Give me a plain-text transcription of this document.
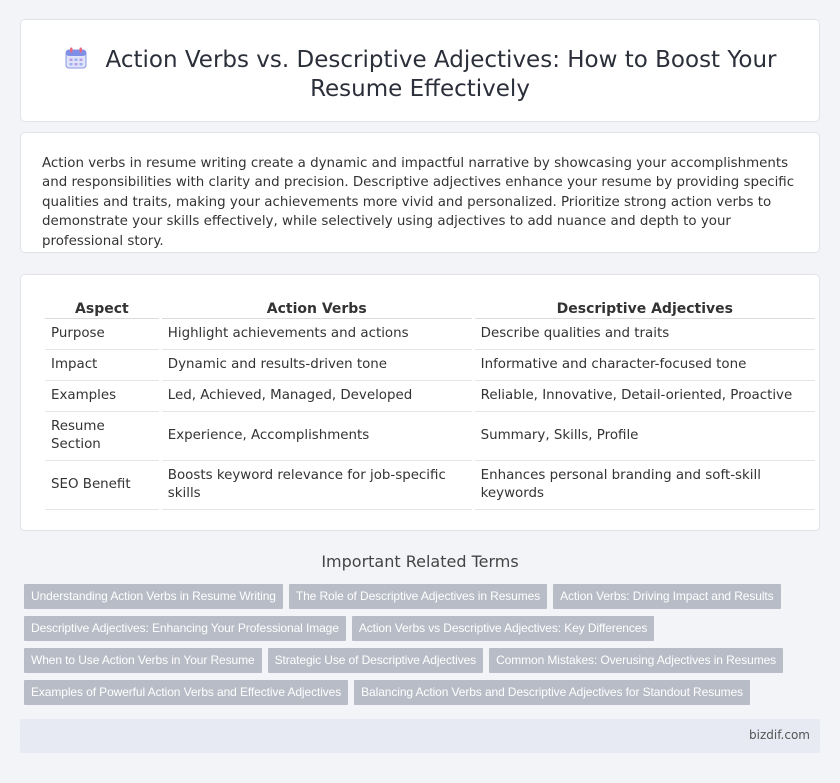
Action Verbs vs. Descriptive Adjectives: How to Boost Your Resume Effectively

Action verbs in resume writing create a dynamic and impactful narrative by showcasing your accomplishments and responsibilities with clarity and precision. Descriptive adjectives enhance your resume by providing specific qualities and traits, making your achievements more vivid and personalized. Prioritize strong action verbs to demonstrate your skills effectively, while selectively using adjectives to add nuance and depth to your professional story.

Aspect	Action Verbs	Descriptive Adjectives
Purpose	Highlight achievements and actions	Describe qualities and traits
Impact	Dynamic and results-driven tone	Informative and character-focused tone
Examples	Led, Achieved, Managed, Developed	Reliable, Innovative, Detail-oriented, Proactive
Resume Section	Experience, Accomplishments	Summary, Skills, Profile
SEO Benefit	Boosts keyword relevance for job-specific skills	Enhances personal branding and soft-skill keywords
Important Related Terms
Understanding Action Verbs in Resume Writing The Role of Descriptive Adjectives in Resumes Action Verbs: Driving Impact and Results
Descriptive Adjectives: Enhancing Your Professional Image Action Verbs vs Descriptive Adjectives: Key Differences
When to Use Action Verbs in Your Resume Strategic Use of Descriptive Adjectives Common Mistakes: Overusing Adjectives in Resumes
Examples of Powerful Action Verbs and Effective Adjectives Balancing Action Verbs and Descriptive Adjectives for Standout Resumes
bizdif.com
